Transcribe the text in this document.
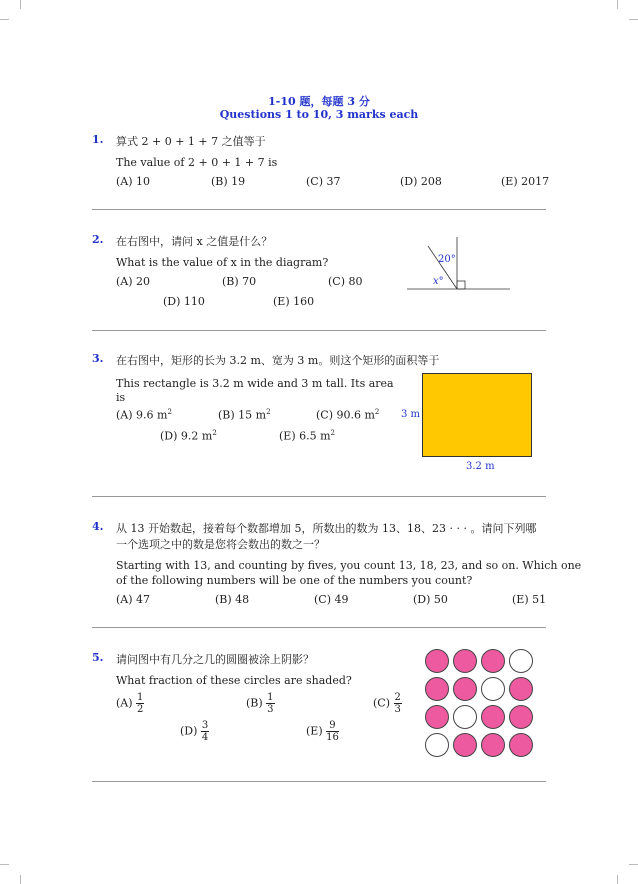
1-10 题，每题 3 分
Questions 1 to 10, 3 marks each
1. 算式 2 + 0 + 1 + 7 之值等于
The value of 2 + 0 + 1 + 7 is
(A) 10	(B) 19	(C) 37	(D) 208	(E) 2017
2. 在右图中，请问 x 之值是什么？
What is the value of x in the diagram?
(A) 20	(B) 70	(C) 80
(D) 110	(E) 160
20°
x°
3. 在右图中，矩形的长为 3.2 m、宽为 3 m。则这个矩形的面积等于
This rectangle is 3.2 m wide and 3 m tall. Its area
is
(A) 9.6 $m^2$	(B) 15 $m^2$	(C) 90.6 $m^2$
(D) 9.2 $m^2$	(E) 6.5 $m^2$
3 m
3.2 m
4. 从 13 开始数起，接着每个数都增加 5，所数出的数为 13、18、23 · · · 。请问下列哪
一个选项之中的数是您将会数出的数之一？
Starting with 13, and counting by fives, you count 13, 18, 23, and so on. Which one
of the following numbers will be one of the numbers you count?
(A) 47	(B) 48	(C) 49	(D) 50	(E) 51
5. 请问图中有几分之几的圆圈被涂上阴影？
What fraction of these circles are shaded?
$(A) \frac{1}{2}$	$(B) \frac{1}{3}$	$(C) \frac{2}{3}$
$(D) \frac{3}{4}$	$(E) \frac{9}{16}$
